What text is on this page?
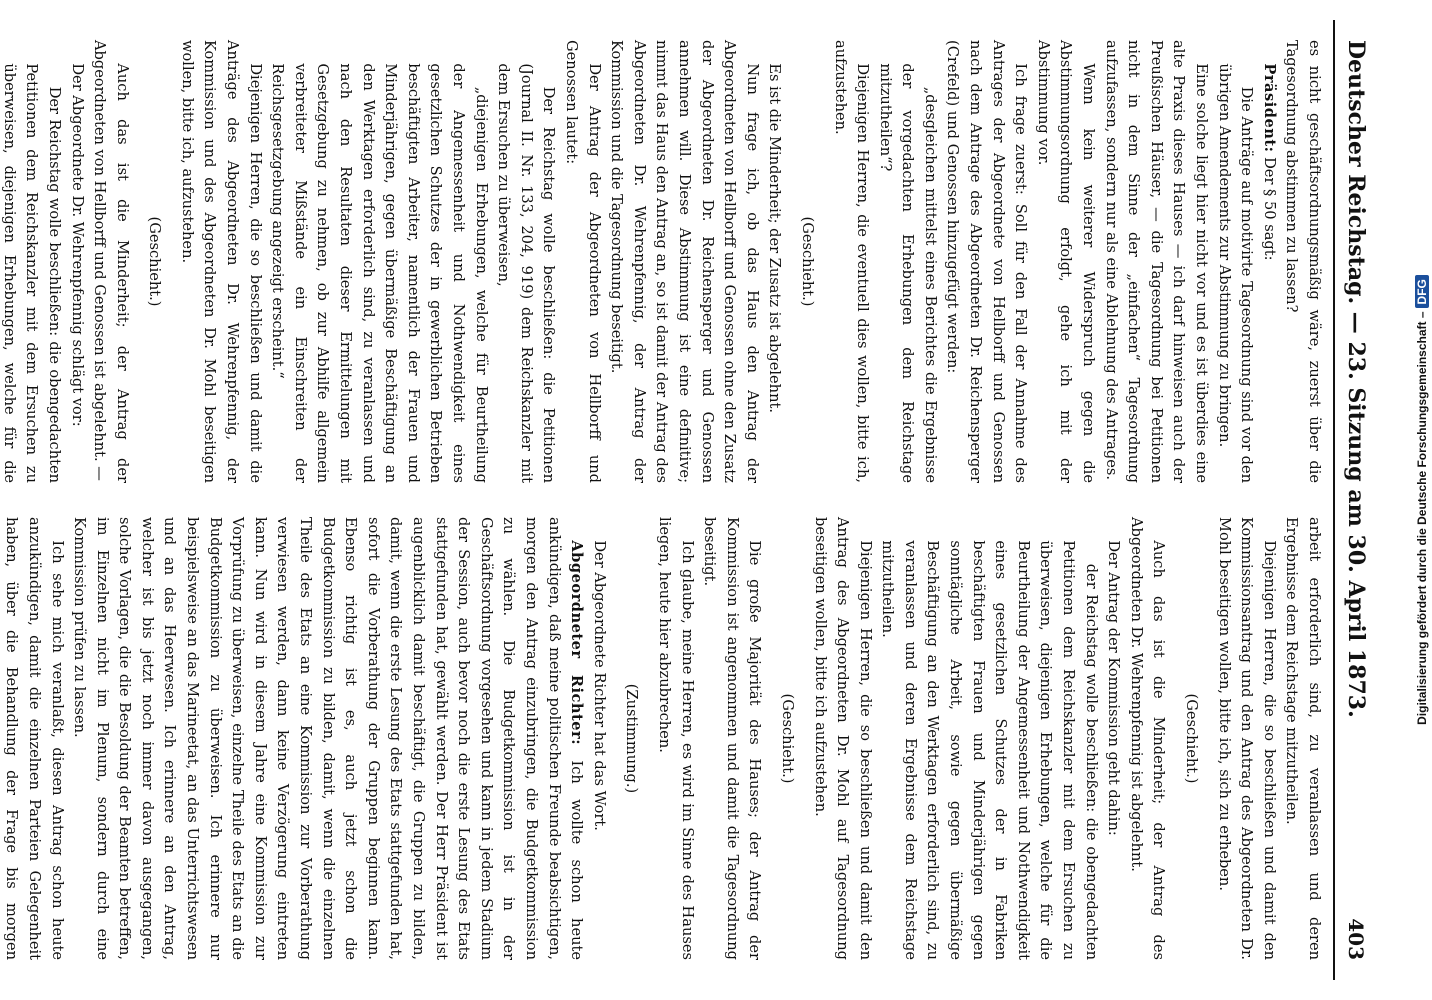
Deutscher Reichstag. — 23. Sitzung am 30. April 1873.
403

es nicht geschäftsordnungsmäßig wäre, zuerst über die Tagesordnung abstimmen zu lassen?

Präsident: Der § 50 sagt:

Die Anträge auf motivirte Tagesordnung sind vor den übrigen Amendements zur Abstimmung zu bringen.

Eine solche liegt hier nicht vor und es ist überdies eine alte Praxis dieses Hauses — ich darf hinweisen auch der Preußischen Häuser, — die Tagesordnung bei Petitionen nicht in dem Sinne der „einfachen“ Tagesordnung aufzufassen, sondern nur als eine Ablehnung des Antrages.

Wenn kein weiterer Widerspruch gegen die Abstimmungsordnung erfolgt, gehe ich mit der Abstimmung vor.

Ich frage zuerst: Soll für den Fall der Annahme des Antrages der Abgeordnete von Hellborff und Genossen nach dem Antrage des Abgeordneten Dr. Reichensperger (Crefeld) und Genossen hinzugefügt werden:

„desgleichen mittelst eines Berichtes die Ergebnisse der vorgedachten Erhebungen dem Reichstage mitzutheilen“?

Diejenigen Herren, die eventuell dies wollen, bitte ich, aufzustehen.

(Geschieht.)

Es ist die Minderheit; der Zusatz ist abgelehnt.

Nun frage ich, ob das Haus den Antrag der Abgeordneten von Hellborff und Genossen ohne den Zusatz der Abgeordneten Dr. Reichensperger und Genossen annehmen will. Diese Abstimmung ist eine definitive; nimmt das Haus den Antrag an, so ist damit der Antrag des Abgeordneten Dr. Wehrenpfennig, der Antrag der Kommission und die Tagesordnung beseitigt.

Der Antrag der Abgeordneten von Hellborff und Genossen lautet:

Der Reichstag wolle beschließen: die Petitionen (Journal II. Nr. 133, 204, 919) dem Reichskanzler mit dem Ersuchen zu überweisen,

„diejenigen Erhebungen, welche für Beurtheilung der Angemessenheit und Nothwendigkeit eines gesetzlichen Schutzes der in gewerblichen Betrieben beschäftigten Arbeiter, namentlich der Frauen und Minderjährigen, gegen übermäßige Beschäftigung an den Werktagen erforderlich sind, zu veranlassen und nach den Resultaten dieser Ermittelungen mit Gesetzgebung zu nehmen, ob zur Abhilfe allgemein verbreiteter Mißstände ein Einschreiten der Reichsgesetzgebung angezeigt erscheint.“

Diejenigen Herren, die so beschließen und damit die Anträge des Abgeordneten Dr. Wehrenpfennig, der Kommission und des Abgeordneten Dr. Mohl beseitigen wollen, bitte ich, aufzustehen.

(Geschieht.)

Auch das ist die Minderheit; der Antrag der Abgeordneten von Hellborff und Genossen ist abgelehnt. —

Der Abgeordnete Dr. Wehrenpfennig schlägt vor:

Der Reichstag wolle beschließen: die obengedachten Petitionen dem Reichskanzler mit dem Ersuchen zu überweisen, diejenigen Erhebungen, welche für die

arbeit erforderlich sind, zu veranlassen und deren Ergebnisse dem Reichstage mitzutheilen.

Diejenigen Herren, die so beschließen und damit den Kommissionsantrag und den Antrag des Abgeordneten Dr. Mohl beseitigen wollen, bitte ich, sich zu erheben.

(Geschieht.)

Auch das ist die Minderheit; der Antrag des Abgeordneten Dr. Wehrenpfennig ist abgelehnt.

Der Antrag der Kommission geht dahin:

der Reichstag wolle beschließen: die obengedachten Petitionen dem Reichskanzler mit dem Ersuchen zu überweisen, diejenigen Erhebungen, welche für die Beurtheilung der Angemessenheit und Nothwendigkeit eines gesetzlichen Schutzes der in Fabriken beschäftigten Frauen und Minderjährigen gegen sonntägliche Arbeit, sowie gegen übermäßige Beschäftigung an den Werktagen erforderlich sind, zu veranlassen und deren Ergebnisse dem Reichstage mitzutheilen.

Diejenigen Herren, die so beschließen und damit den Antrag des Abgeordneten Dr. Mohl auf Tagesordnung beseitigen wollen, bitte ich aufzustehen.

(Geschieht.)

Die große Majorität des Hauses; der Antrag der Kommission ist angenommen und damit die Tagesordnung beseitigt.

Ich glaube, meine Herren, es wird im Sinne des Hauses liegen, heute hier abzubrechen.

(Zustimmung.)

Der Abgeordnete Richter hat das Wort.

Abgeordneter Richter: Ich wollte schon heute ankündigen, daß meine politischen Freunde beabsichtigen, morgen den Antrag einzubringen, die Budgetkommission zu wählen. Die Budgetkommission ist in der Geschäftsordnung vorgesehen und kann in jedem Stadium der Session, auch bevor noch die erste Lesung des Etats stattgefunden hat, gewählt werden. Der Herr Präsident ist augenblicklich damit beschäftigt, die Gruppen zu bilden, damit, wenn die erste Lesung des Etats stattgefunden hat, sofort die Vorberathung der Gruppen beginnen kann. Ebenso richtig ist es, auch jetzt schon die Budgetkommission zu bilden, damit, wenn die einzelnen Theile des Etats an eine Kommission zur Vorberathung verwiesen werden, dann keine Verzögerung eintreten kann. Nun wird in diesem Jahre eine Kommission zur Vorprüfung zu überweisen, einzelne Theile des Etats an die Budgetkommission zu überweisen. Ich erinnere nur beispielsweise an das Marineetat, an das Unterrichtswesen und an das Heerwesen. Ich erinnere an den Antrag, welcher ist bis jetzt noch immer davon ausgegangen, solche Vorlagen, die die Besoldung der Beamten betreffen, im Einzelnen nicht im Plenum, sondern durch eine Kommission prüfen zu lassen.

Ich sehe mich veranlaßt, diesen Antrag schon heute anzukündigen, damit die einzelnen Parteien Gelegenheit haben, über die Behandlung der Frage bis morgen

Digitalisierung gefördert durch die Deutsche Forschungsgemeinschaft –DFG
